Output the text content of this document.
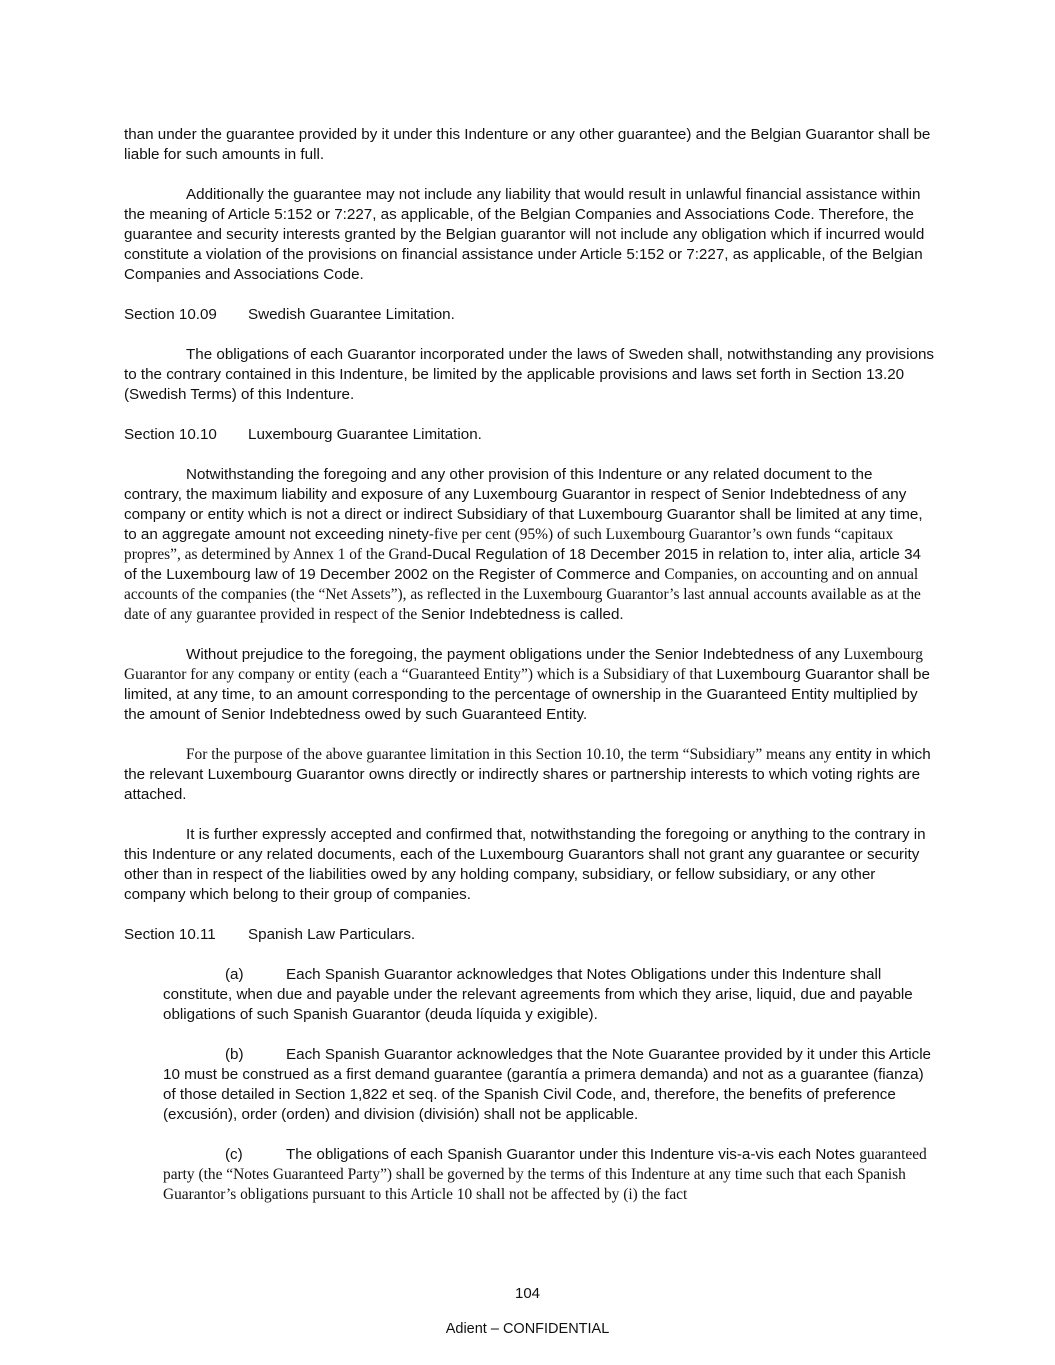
than under the guarantee provided by it under this Indenture or any other guarantee) and the Belgian Guarantor shall be liable for such amounts in full.

Additionally the guarantee may not include any liability that would result in unlawful financial assistance within the meaning of Article 5:152 or 7:227, as applicable, of the Belgian Companies and Associations Code. Therefore, the guarantee and security interests granted by the Belgian guarantor will not include any obligation which if incurred would constitute a violation of the provisions on financial assistance under Article 5:152 or 7:227, as applicable, of the Belgian Companies and Associations Code.

Section 10.09	Swedish Guarantee Limitation.

The obligations of each Guarantor incorporated under the laws of Sweden shall, notwithstanding any provisions to the contrary contained in this Indenture, be limited by the applicable provisions and laws set forth in Section 13.20 (Swedish Terms) of this Indenture.

Section 10.10	Luxembourg Guarantee Limitation.

Notwithstanding the foregoing and any other provision of this Indenture or any related document to the contrary, the maximum liability and exposure of any Luxembourg Guarantor in respect of Senior Indebtedness of any company or entity which is not a direct or indirect Subsidiary of that Luxembourg Guarantor shall be limited at any time, to an aggregate amount not exceeding ninety-five per cent (95%) of such Luxembourg Guarantor’s own funds “capitaux propres”, as determined by Annex 1 of the Grand-Ducal Regulation of 18 December 2015 in relation to, inter alia, article 34 of the Luxembourg law of 19 December 2002 on the Register of Commerce and Companies, on accounting and on annual accounts of the companies (the “Net Assets”), as reflected in the Luxembourg Guarantor’s last annual accounts available as at the date of any guarantee provided in respect of the Senior Indebtedness is called.

Without prejudice to the foregoing, the payment obligations under the Senior Indebtedness of any Luxembourg Guarantor for any company or entity (each a “Guaranteed Entity”) which is a Subsidiary of that Luxembourg Guarantor shall be limited, at any time, to an amount corresponding to the percentage of ownership in the Guaranteed Entity multiplied by the amount of Senior Indebtedness owed by such Guaranteed Entity.

For the purpose of the above guarantee limitation in this Section 10.10, the term “Subsidiary” means any entity in which the relevant Luxembourg Guarantor owns directly or indirectly shares or partnership interests to which voting rights are attached.

It is further expressly accepted and confirmed that, notwithstanding the foregoing or anything to the contrary in this Indenture or any related documents, each of the Luxembourg Guarantors shall not grant any guarantee or security other than in respect of the liabilities owed by any holding company, subsidiary, or fellow subsidiary, or any other company which belong to their group of companies.

Section 10.11	Spanish Law Particulars.

(a)	Each Spanish Guarantor acknowledges that Notes Obligations under this Indenture shall constitute, when due and payable under the relevant agreements from which they arise, liquid, due and payable obligations of such Spanish Guarantor (deuda líquida y exigible).

(b)	Each Spanish Guarantor acknowledges that the Note Guarantee provided by it under this Article 10 must be construed as a first demand guarantee (garantía a primera demanda) and not as a guarantee (fianza) of those detailed in Section 1,822 et seq. of the Spanish Civil Code, and, therefore, the benefits of preference (excusión), order (orden) and division (división) shall not be applicable.

(c)	The obligations of each Spanish Guarantor under this Indenture vis-a-vis each Notes guaranteed party (the “Notes Guaranteed Party”) shall be governed by the terms of this Indenture at any time such that each Spanish Guarantor’s obligations pursuant to this Article 10 shall not be affected by (i) the fact

104
Adient – CONFIDENTIAL
